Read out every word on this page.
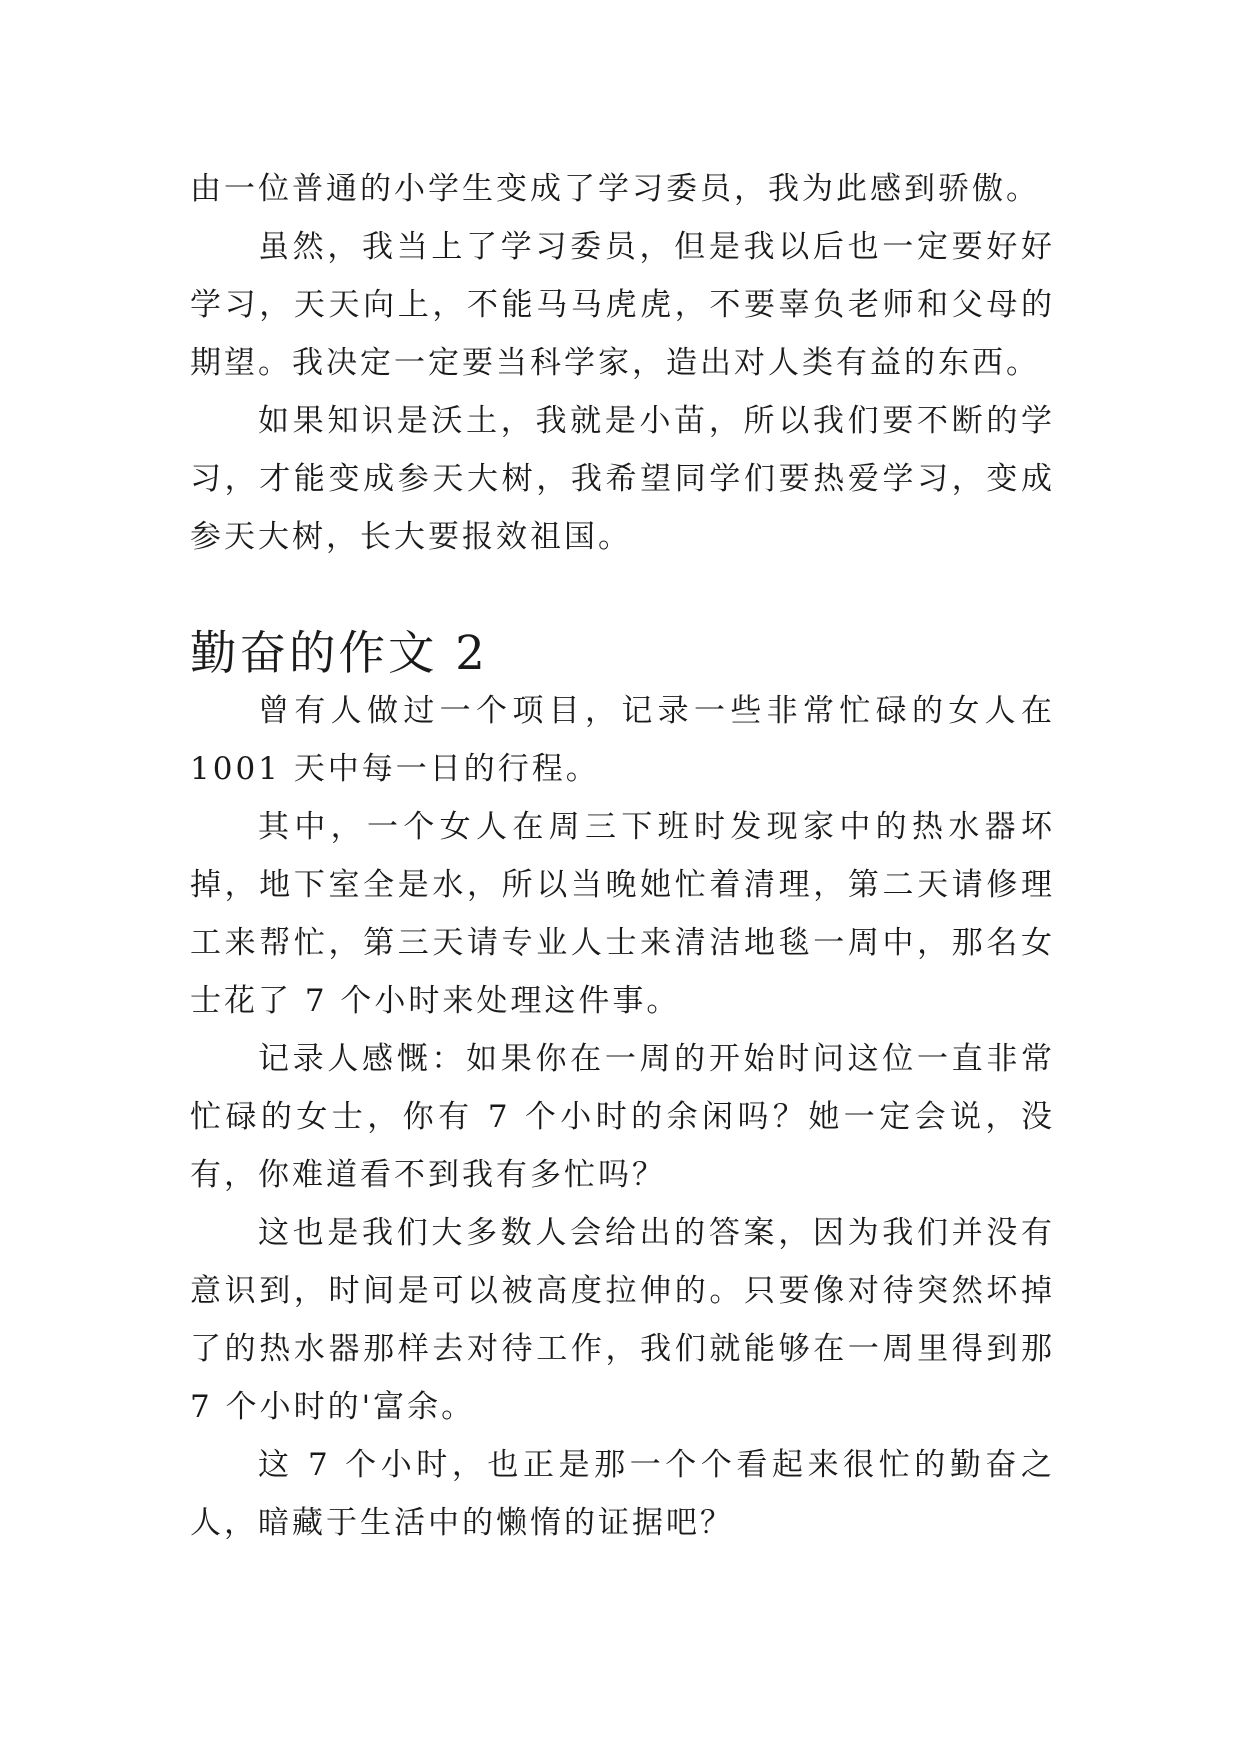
由一位普通的小学生变成了学习委员，我为此感到骄傲。

虽然，我当上了学习委员，但是我以后也一定要好好学习，天天向上，不能马马虎虎，不要辜负老师和父母的期望。我决定一定要当科学家，造出对人类有益的东西。

如果知识是沃土，我就是小苗，所以我们要不断的学习，才能变成参天大树，我希望同学们要热爱学习，变成参天大树，长大要报效祖国。

勤奋的作文 2

曾有人做过一个项目，记录一些非常忙碌的女人在 1001 天中每一日的行程。

其中，一个女人在周三下班时发现家中的热水器坏掉，地下室全是水，所以当晚她忙着清理，第二天请修理工来帮忙，第三天请专业人士来清洁地毯一周中，那名女士花了 7 个小时来处理这件事。

记录人感慨：如果你在一周的开始时问这位一直非常忙碌的女士，你有 7 个小时的余闲吗？她一定会说，没有，你难道看不到我有多忙吗？

这也是我们大多数人会给出的答案，因为我们并没有意识到，时间是可以被高度拉伸的。只要像对待突然坏掉了的热水器那样去对待工作，我们就能够在一周里得到那 7 个小时的'富余。

这 7 个小时，也正是那一个个看起来很忙的勤奋之人，暗藏于生活中的懒惰的证据吧？
